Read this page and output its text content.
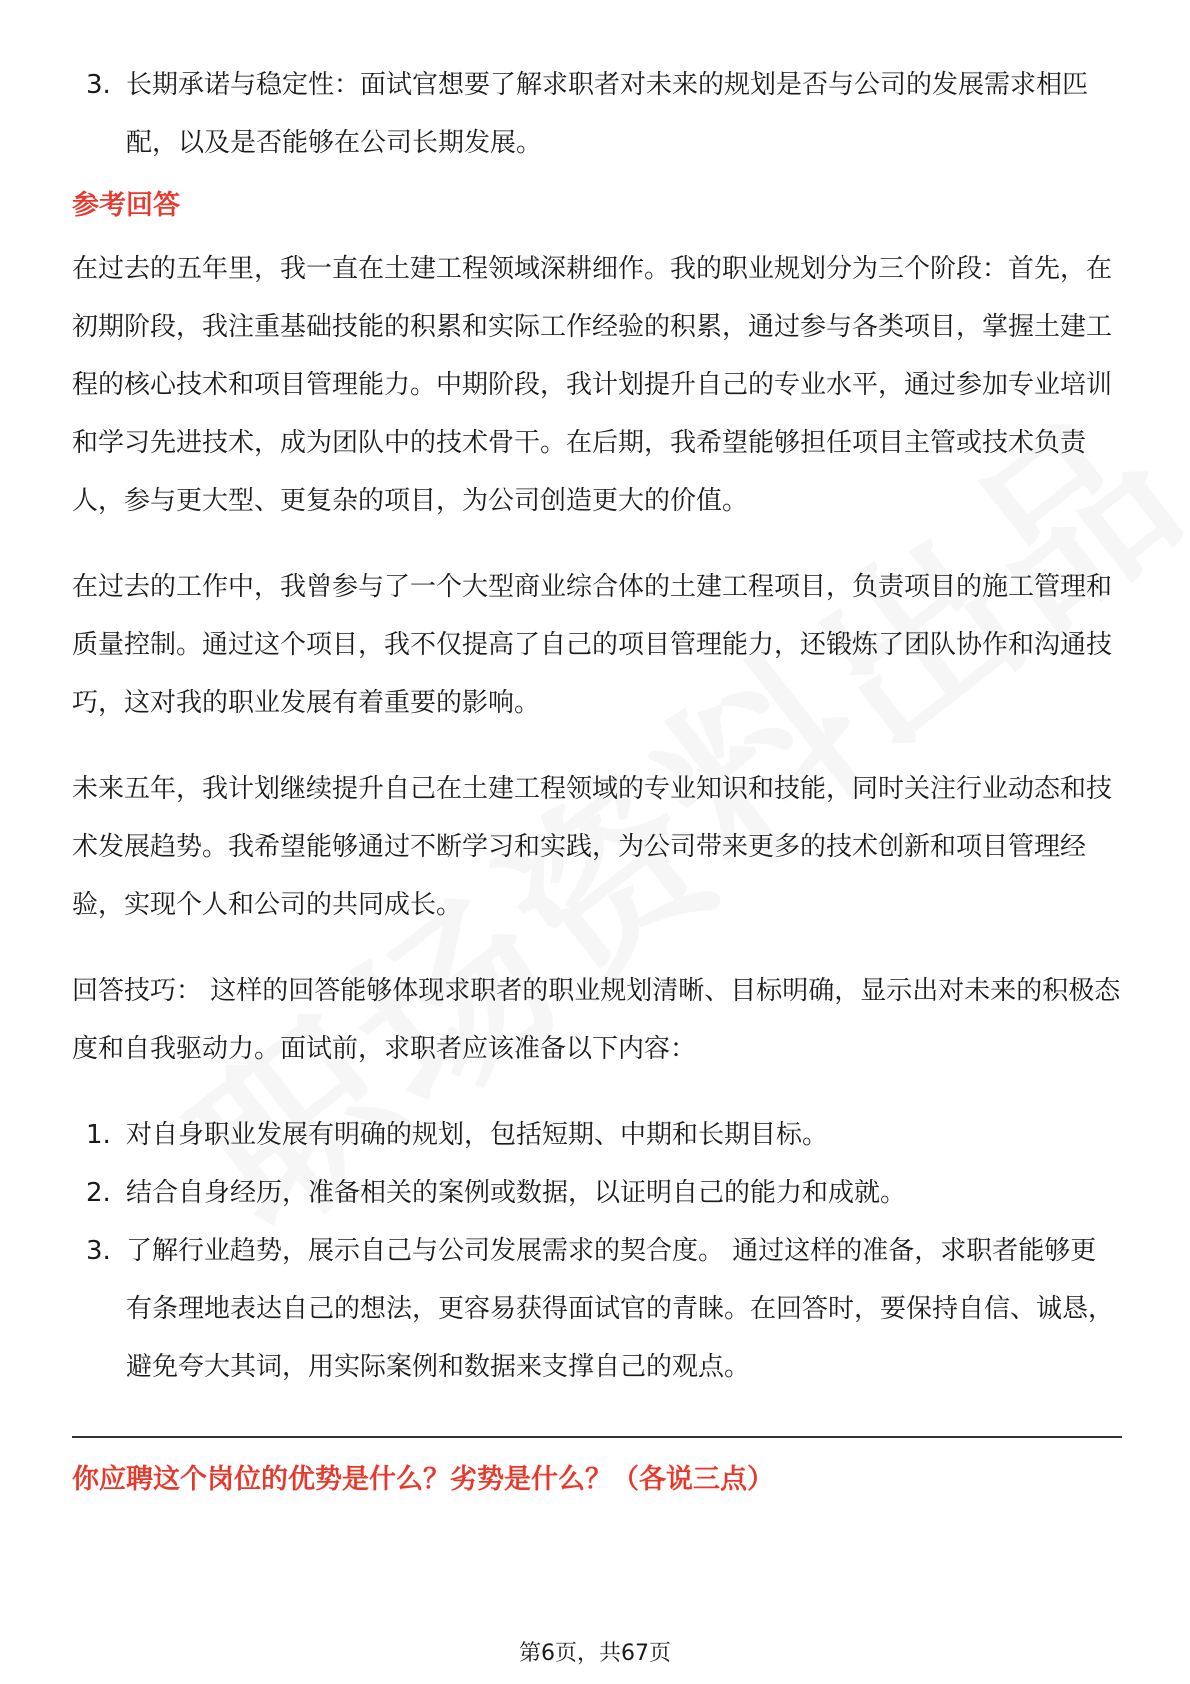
3. 长期承诺与稳定性：面试官想要了解求职者对未来的规划是否与公司的发展需求相匹配，以及是否能够在公司长期发展。
参考回答

在过去的五年里，我一直在土建工程领域深耕细作。我的职业规划分为三个阶段：首先，在初期阶段，我注重基础技能的积累和实际工作经验的积累，通过参与各类项目，掌握土建工程的核心技术和项目管理能力。中期阶段，我计划提升自己的专业水平，通过参加专业培训和学习先进技术，成为团队中的技术骨干。在后期，我希望能够担任项目主管或技术负责人，参与更大型、更复杂的项目，为公司创造更大的价值。

在过去的工作中，我曾参与了一个大型商业综合体的土建工程项目，负责项目的施工管理和质量控制。通过这个项目，我不仅提高了自己的项目管理能力，还锻炼了团队协作和沟通技巧，这对我的职业发展有着重要的影响。

未来五年，我计划继续提升自己在土建工程领域的专业知识和技能，同时关注行业动态和技术发展趋势。我希望能够通过不断学习和实践，为公司带来更多的技术创新和项目管理经验，实现个人和公司的共同成长。

回答技巧： 这样的回答能够体现求职者的职业规划清晰、目标明确，显示出对未来的积极态度和自我驱动力。面试前，求职者应该准备以下内容：

1. 对自身职业发展有明确的规划，包括短期、中期和长期目标。
2. 结合自身经历，准备相关的案例或数据，以证明自己的能力和成就。
3. 了解行业趋势，展示自己与公司发展需求的契合度。 通过这样的准备，求职者能够更有条理地表达自己的想法，更容易获得面试官的青睐。在回答时，要保持自信、诚恳，避免夸大其词，用实际案例和数据来支撑自己的观点。
你应聘这个岗位的优势是什么？劣势是什么？（各说三点）
第6页，共67页
